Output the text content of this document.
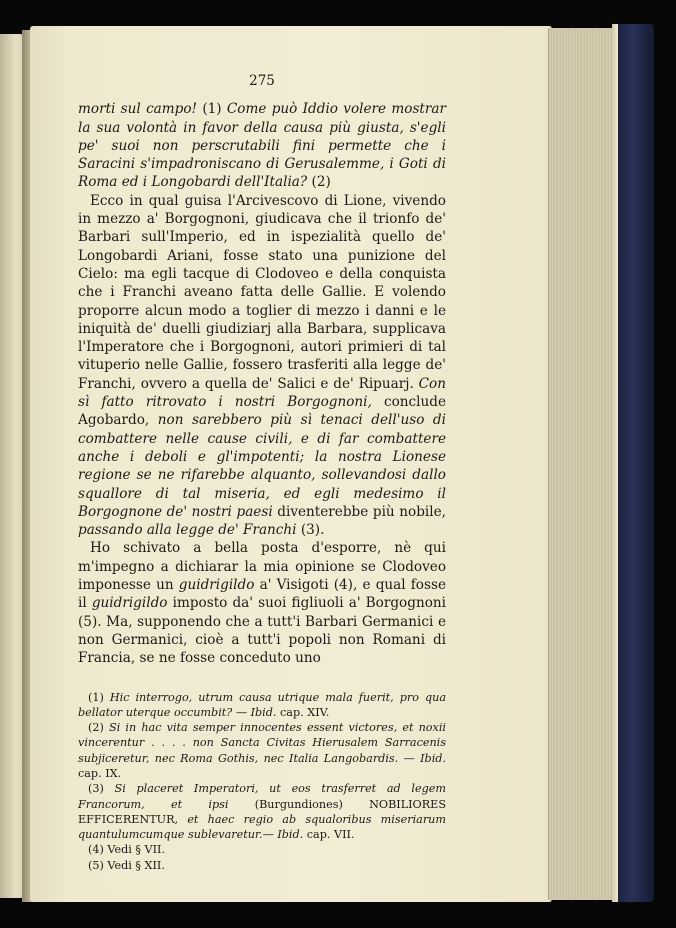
275

morti sul campo! (1) Come può Iddio volere mostrar la sua volontà in favor della causa più giusta, s'egli pe' suoi non perscrutabili fini permette che i Saracini s'impadroniscano di Gerusalemme, i Goti di Roma ed i Longobardi dell'Italia? (2)

Ecco in qual guisa l'Arcivescovo di Lione, vivendo in mezzo a' Borgognoni, giudicava che il trionfo de' Barbari sull'Imperio, ed in ispezialità quello de' Longobardi Ariani, fosse stato una punizione del Cielo: ma egli tacque di Clodoveo e della conquista che i Franchi aveano fatta delle Gallie. E volendo proporre alcun modo a toglier di mezzo i danni e le iniquità de' duelli giudiziarj alla Barbara, supplicava l'Imperatore che i Borgognoni, autori primieri di tal vituperio nelle Gallie, fossero trasferiti alla legge de' Franchi, ovvero a quella de' Salici e de' Ripuarj. Con sì fatto ritrovato i nostri Borgognoni, conclude Agobardo, non sarebbero più sì tenaci dell'uso di combattere nelle cause civili, e di far combattere anche i deboli e gl'impotenti; la nostra Lionese regione se ne rifarebbe alquanto, sollevandosi dallo squallore di tal miseria, ed egli medesimo il Borgognone de' nostri paesi diventerebbe più nobile, passando alla legge de' Franchi (3).

Ho schivato a bella posta d'esporre, nè qui m'impegno a dichiarar la mia opinione se Clodoveo imponesse un guidrigildo a' Visigoti (4), e qual fosse il guidrigildo imposto da' suoi figliuoli a' Borgognoni (5). Ma, supponendo che a tutt'i Barbari Germanici e non Germanici, cioè a tutt'i popoli non Romani di Francia, se ne fosse conceduto uno

(1) Hic interrogo, utrum causa utrique mala fuerit, pro qua bellator uterque occumbit? — Ibid. cap. XIV.

(2) Si in hac vita semper innocentes essent victores, et noxii vincerentur . . . . non Sancta Civitas Hierusalem Sarracenis subjiceretur, nec Roma Gothis, nec Italia Langobardis. — Ibid. cap. IX.

(3) Si placeret Imperatori, ut eos trasferret ad legem Francorum, et ipsi (Burgundiones) NOBILIORES EFFICERENTUR, et haec regio ab squaloribus miseriarum quantulumcumque sublevaretur.— Ibid. cap. VII.

(4) Vedi § VII.

(5) Vedi § XII.
